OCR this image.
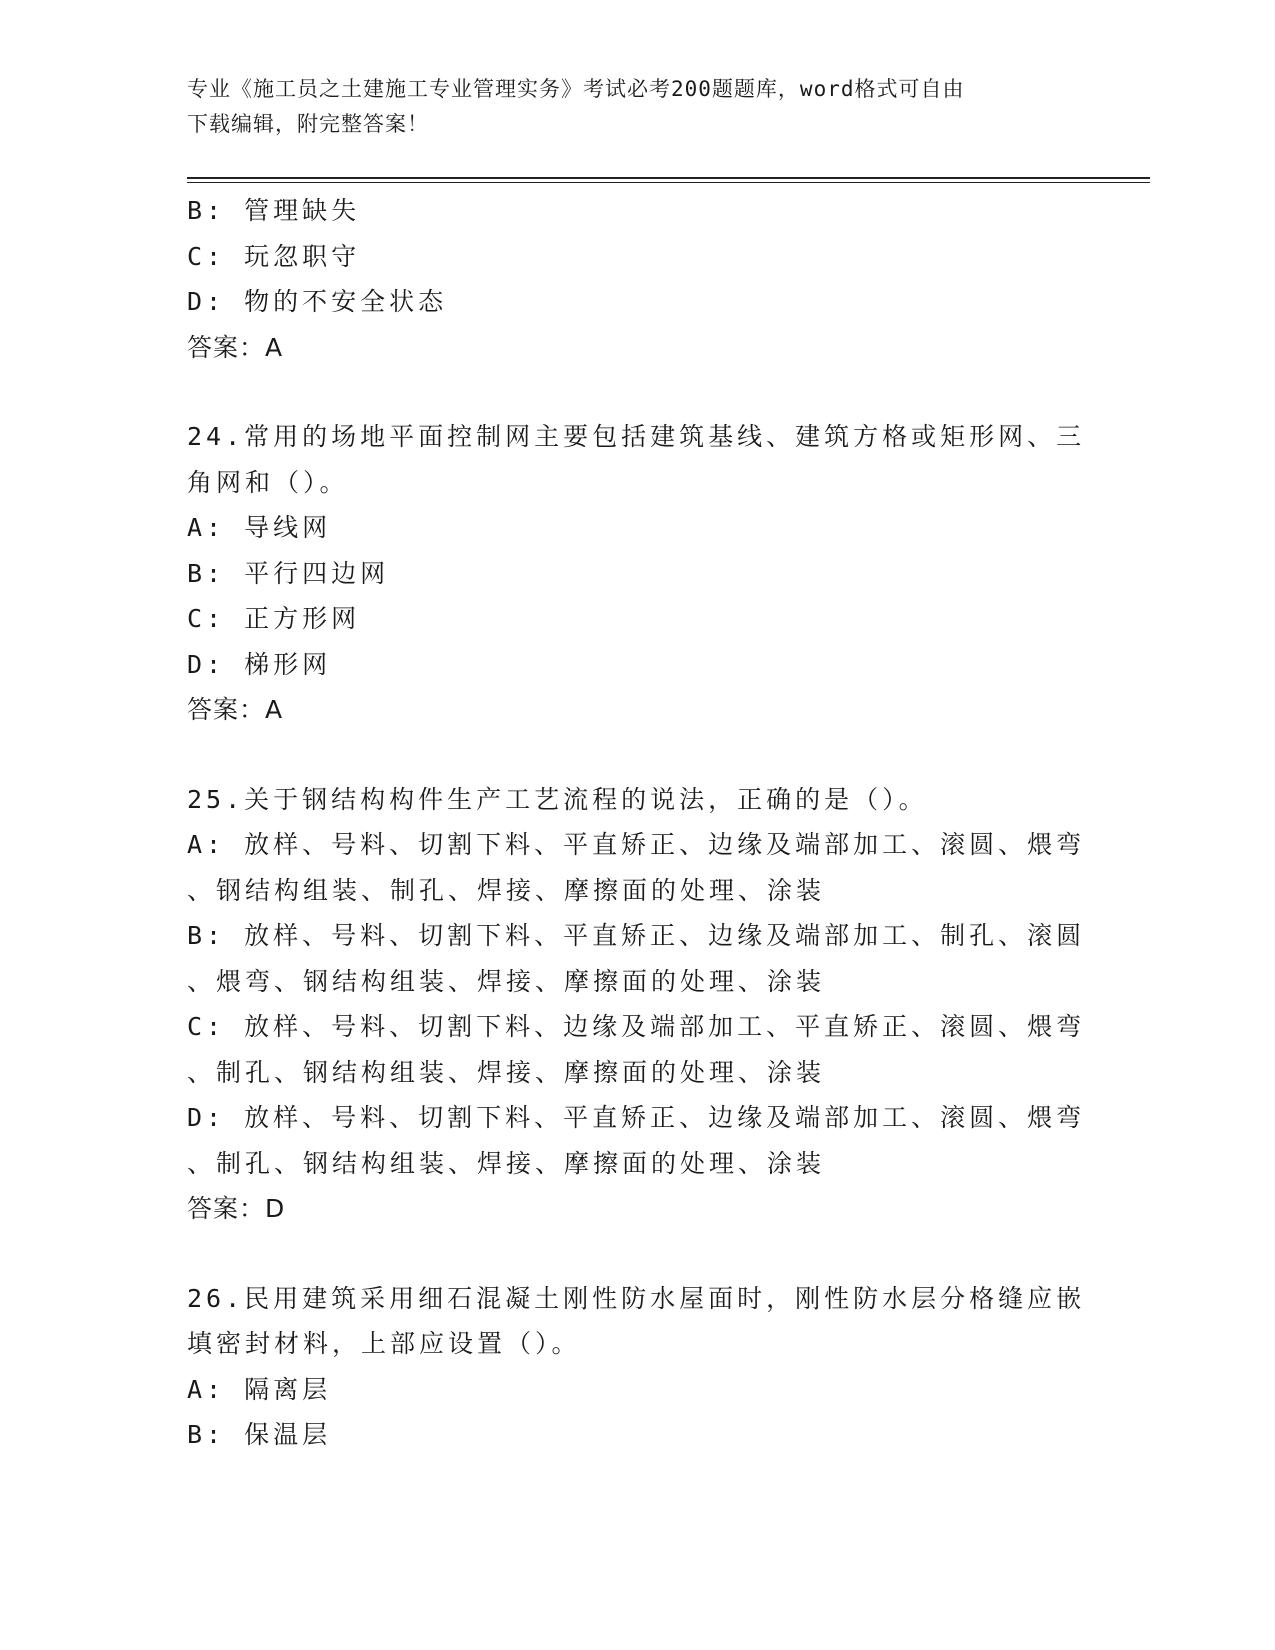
专业《施工员之土建施工专业管理实务》考试必考200题题库，word格式可自由
下载编辑，附完整答案！
B: 管理缺失
C: 玩忽职守
D: 物的不安全状态
答案：A
24.常用的场地平面控制网主要包括建筑基线、建筑方格或矩形网、三
角网和（）。
A: 导线网
B: 平行四边网
C: 正方形网
D: 梯形网
答案：A
25.关于钢结构构件生产工艺流程的说法，正确的是（）。
A: 放样、号料、切割下料、平直矫正、边缘及端部加工、滚圆、煨弯
、钢结构组装、制孔、焊接、摩擦面的处理、涂装
B: 放样、号料、切割下料、平直矫正、边缘及端部加工、制孔、滚圆
、煨弯、钢结构组装、焊接、摩擦面的处理、涂装
C: 放样、号料、切割下料、边缘及端部加工、平直矫正、滚圆、煨弯
、制孔、钢结构组装、焊接、摩擦面的处理、涂装
D: 放样、号料、切割下料、平直矫正、边缘及端部加工、滚圆、煨弯
、制孔、钢结构组装、焊接、摩擦面的处理、涂装
答案：D
26.民用建筑采用细石混凝土刚性防水屋面时，刚性防水层分格缝应嵌
填密封材料，上部应设置（）。
A: 隔离层
B: 保温层
